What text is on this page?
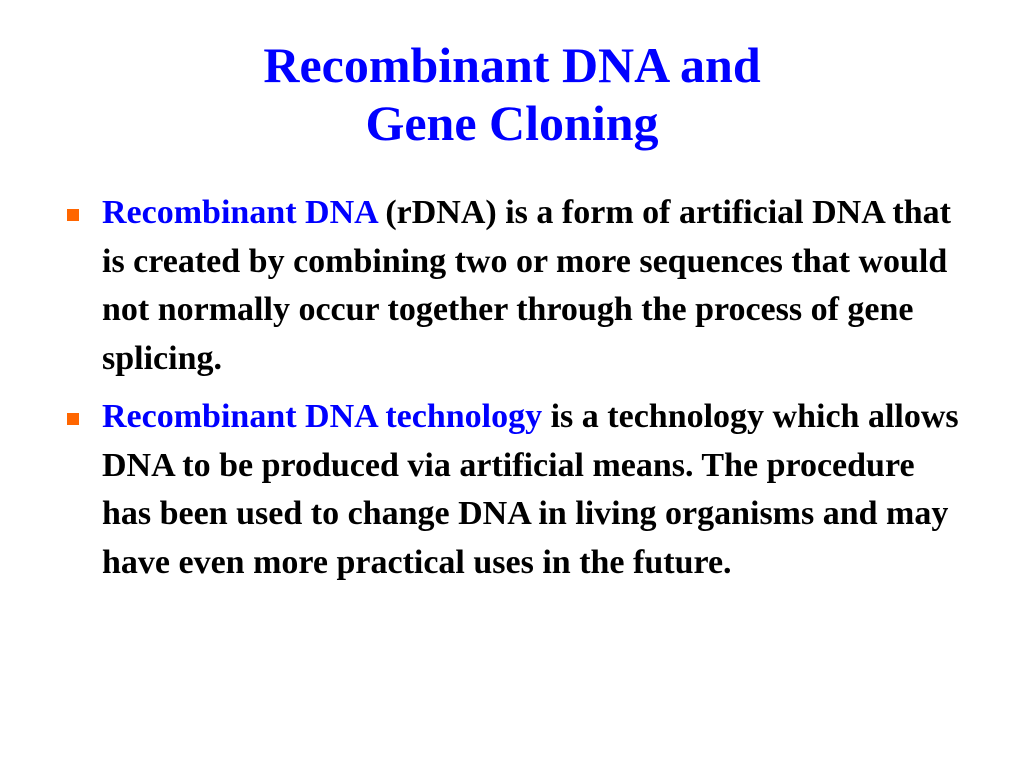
Recombinant DNA and
Gene Cloning
Recombinant DNA (rDNA) is a form of artificial DNA that is created by combining two or more sequences that would not normally occur together through the process of gene splicing.
Recombinant DNA technology is a technology which allows DNA to be produced via artificial means. The procedure has been used to change DNA in living organisms and may have even more practical uses in the future.
